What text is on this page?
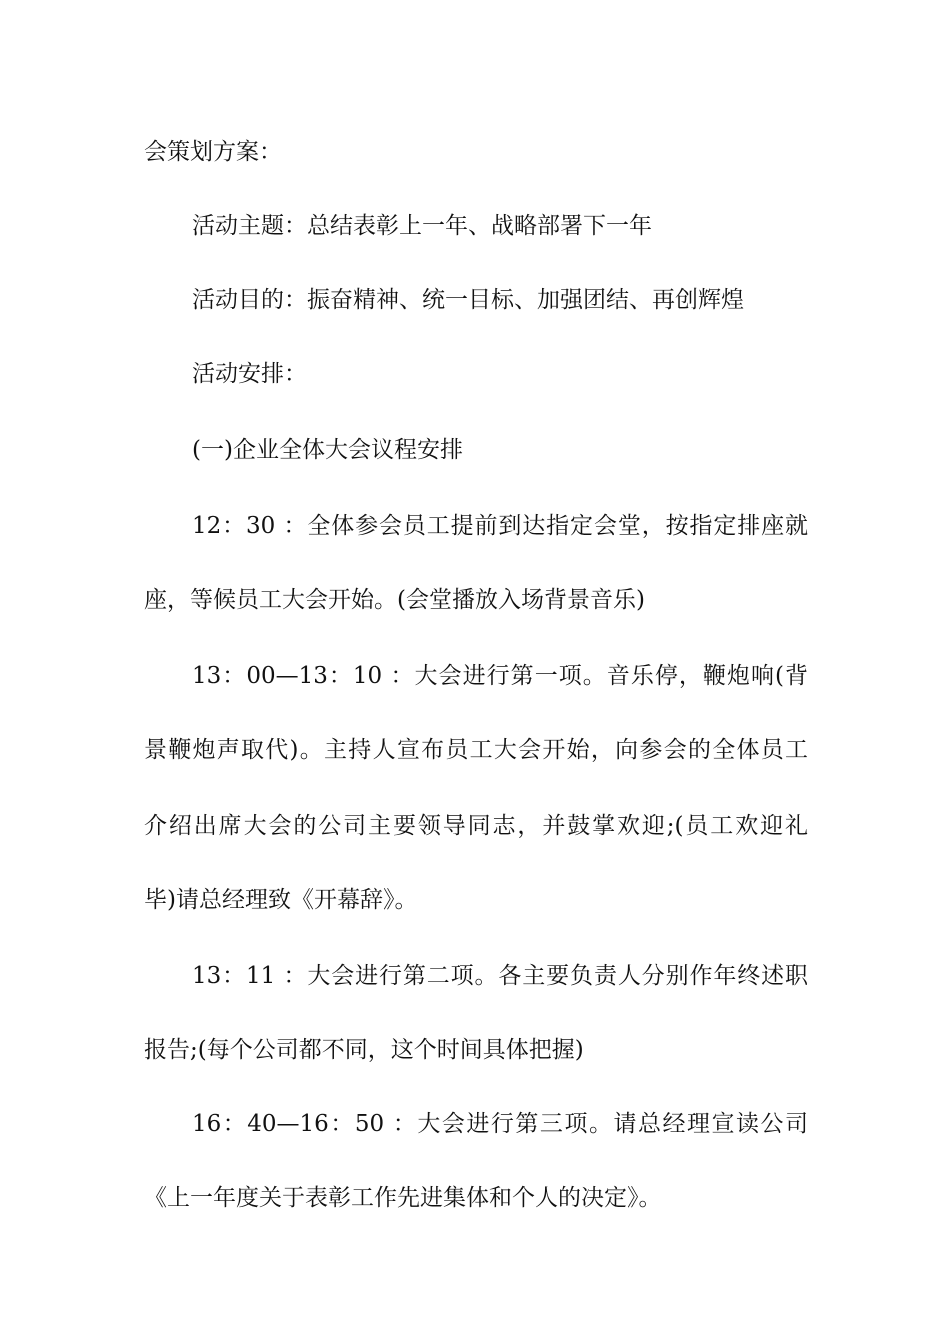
会策划方案：
活动主题：总结表彰上一年、战略部署下一年
活动目的：振奋精神、统一目标、加强团结、再创辉煌
活动安排：
(一)企业全体大会议程安排
12：30 ：全体参会员工提前到达指定会堂，按指定排座就
座，等候员工大会开始。(会堂播放入场背景音乐)
13：00—13：10 ：大会进行第一项。音乐停，鞭炮响(背
景鞭炮声取代)。主持人宣布员工大会开始，向参会的全体员工
介绍出席大会的公司主要领导同志，并鼓掌欢迎;(员工欢迎礼
毕)请总经理致《开幕辞》。
13：11 ：大会进行第二项。各主要负责人分别作年终述职
报告;(每个公司都不同，这个时间具体把握)
16：40—16：50 ：大会进行第三项。请总经理宣读公司
《上一年度关于表彰工作先进集体和个人的决定》。
